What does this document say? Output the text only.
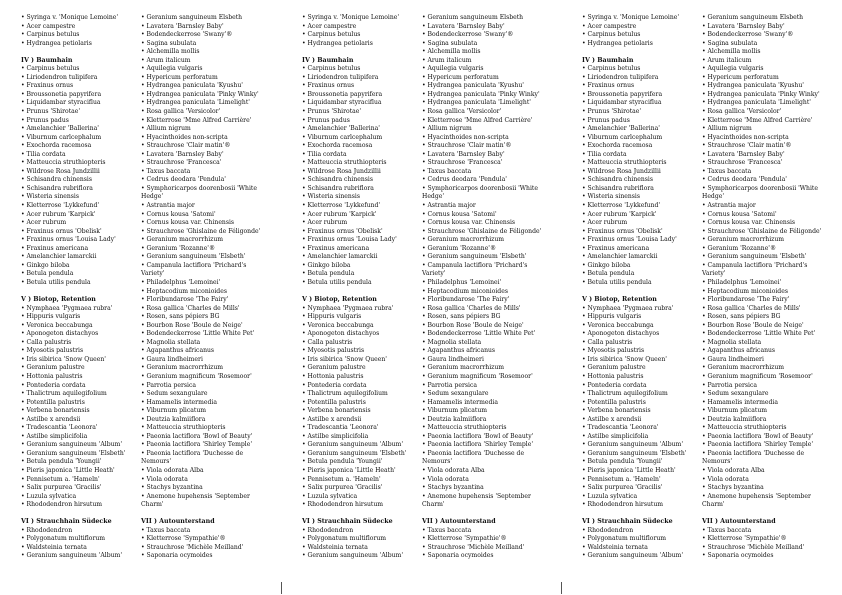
• Syringa v. 'Monique Lemoine'
• Acer campestre
• Carpinus betulus
• Hydrangea petiolaris
IV ) Baumhain
• Carpinus betulus
• Liriodendron tulipifera
• Fraxinus ornus
• Broussonetia papyrifera
• Liquidambar styraciflua
• Prunus 'Shirotae'
• Prunus padus
• Amelanchier 'Ballerina'
• Viburnum carlcephalum
• Exochorda racemosa
• Tilia cordata
• Matteuccia struthiopteris
• Wildrose Rosa Jundzillii
• Schisandra chinensis
• Schisandra rubriflora
• Wisteria sinensis
• Kletterrose 'Lykkefund'
• Acer rubrum 'Karpick'
• Acer rubrum
• Fraxinus ornus 'Obelisk'
• Fraxinus ornus 'Louisa Lady'
• Fraxinus americana
• Amelanchier lamarckii
• Ginkgo biloba
• Betula pendula
• Betula utilis pendula
V ) Biotop, Retention
• Nymphaea 'Pygmaea rubra'
• Hippuris vulgaris
• Veronica beccabunga
• Aponogeton distachyos
• Calla palustris
• Myosotis palustris
• Iris sibirica 'Snow Queen'
• Geranium palustre
• Hottonia palustris
• Pontederia cordata
• Thalictrum aquilegifolium
• Potentilla palustris
• Verbena bonariensis
• Astilbe x arendsii
• Tradescantia 'Leonora'
• Astilbe simplicifolia
• Geranium sanguineum 'Album'
• Geranium sanguineum 'Elsbeth'
• Betula pendula 'Youngii'
• Pieris japonica 'Little Heath'
• Pennisetum a. 'Hameln'
• Salix purpurea 'Gracilis'
• Luzula sylvatica
• Rhododendron hirsutum
VI ) Strauchhain Südecke
• Rhododendron
• Polygonatum multiflorum
• Waldsteinia ternata
• Geranium sanguineum 'Album'
• Geranium sanguineum Elsbeth
• Lavatera 'Barnsley Baby'
• Bodendeckerrose 'Swany'®
• Sagina subulata
• Alchemilla mollis
• Arum italicum
• Aquilegia vulgaris
• Hypericum perforatum
• Hydrangea paniculata 'Kyushu'
• Hydrangea paniculata 'Pinky Winky'
• Hydrangea paniculata 'Limelight'
• Rosa gallica 'Versicolor'
• Kletterrose 'Mme Alfred Carrière'
• Allium nigrum
• Hyacinthoides non-scripta
• Strauchrose 'Clair matin'®
• Lavatera 'Barnsley Baby'
• Strauchrose 'Francesca'
• Taxus baccata
• Cedrus deodara 'Pendula'
• Symphoricarpos doorenbosii 'White
Hedge'
• Astrantia major
• Cornus kousa 'Satomi'
• Cornus kousa var. Chinensis
• Strauchrose 'Ghislaine de Féligonde'
• Geranium macrorrhizum
• Geranium 'Rozanne'®
• Geranium sanguineum 'Elsbeth'
• Campanula lactiflora 'Prichard's
Variety'
• Philadelphus 'Lemoinei'
• Heptacodium miconioides
• Floribundarose 'The Fairy'
• Rosa gallica 'Charles de Mills'
• Rosen, sans pépiers BG
• Bourbon Rose 'Boule de Neige'
• Bodendeckerrose 'Little White Pet'
• Magnolia stellata
• Agapanthus africanus
• Gaura lindheimeri
• Geranium macrorrhizum
• Geranium magnificum 'Rosemoor'
• Parrotia persica
• Sedum sexangulare
• Hamamelis intermedia
• Viburnum plicatum
• Deutzia kalmiiflora
• Matteuccia struthiopteris
• Paeonia lactiflora 'Bowl of Beauty'
• Paeonia lactiflora 'Shirley Temple'
• Paeonia lactiflora 'Duchesse de
Nemours'
• Viola odorata Alba
• Viola odorata
• Stachys byzantina
• Anemone hupehensis 'September
Charm'
VII ) Autounterstand
• Taxus baccata
• Kletterrose 'Sympathie'®
• Strauchrose 'Michèle Meilland'
• Saponaria ocymoides
• Syringa v. 'Monique Lemoine'
• Acer campestre
• Carpinus betulus
• Hydrangea petiolaris
IV ) Baumhain
• Carpinus betulus
• Liriodendron tulipifera
• Fraxinus ornus
• Broussonetia papyrifera
• Liquidambar styraciflua
• Prunus 'Shirotae'
• Prunus padus
• Amelanchier 'Ballerina'
• Viburnum carlcephalum
• Exochorda racemosa
• Tilia cordata
• Matteuccia struthiopteris
• Wildrose Rosa Jundzillii
• Schisandra chinensis
• Schisandra rubriflora
• Wisteria sinensis
• Kletterrose 'Lykkefund'
• Acer rubrum 'Karpick'
• Acer rubrum
• Fraxinus ornus 'Obelisk'
• Fraxinus ornus 'Louisa Lady'
• Fraxinus americana
• Amelanchier lamarckii
• Ginkgo biloba
• Betula pendula
• Betula utilis pendula
V ) Biotop, Retention
• Nymphaea 'Pygmaea rubra'
• Hippuris vulgaris
• Veronica beccabunga
• Aponogeton distachyos
• Calla palustris
• Myosotis palustris
• Iris sibirica 'Snow Queen'
• Geranium palustre
• Hottonia palustris
• Pontederia cordata
• Thalictrum aquilegifolium
• Potentilla palustris
• Verbena bonariensis
• Astilbe x arendsii
• Tradescantia 'Leonora'
• Astilbe simplicifolia
• Geranium sanguineum 'Album'
• Geranium sanguineum 'Elsbeth'
• Betula pendula 'Youngii'
• Pieris japonica 'Little Heath'
• Pennisetum a. 'Hameln'
• Salix purpurea 'Gracilis'
• Luzula sylvatica
• Rhododendron hirsutum
VI ) Strauchhain Südecke
• Rhododendron
• Polygonatum multiflorum
• Waldsteinia ternata
• Geranium sanguineum 'Album'
• Geranium sanguineum Elsbeth
• Lavatera 'Barnsley Baby'
• Bodendeckerrose 'Swany'®
• Sagina subulata
• Alchemilla mollis
• Arum italicum
• Aquilegia vulgaris
• Hypericum perforatum
• Hydrangea paniculata 'Kyushu'
• Hydrangea paniculata 'Pinky Winky'
• Hydrangea paniculata 'Limelight'
• Rosa gallica 'Versicolor'
• Kletterrose 'Mme Alfred Carrière'
• Allium nigrum
• Hyacinthoides non-scripta
• Strauchrose 'Clair matin'®
• Lavatera 'Barnsley Baby'
• Strauchrose 'Francesca'
• Taxus baccata
• Cedrus deodara 'Pendula'
• Symphoricarpos doorenbosii 'White
Hedge'
• Astrantia major
• Cornus kousa 'Satomi'
• Cornus kousa var. Chinensis
• Strauchrose 'Ghislaine de Féligonde'
• Geranium macrorrhizum
• Geranium 'Rozanne'®
• Geranium sanguineum 'Elsbeth'
• Campanula lactiflora 'Prichard's
Variety'
• Philadelphus 'Lemoinei'
• Heptacodium miconioides
• Floribundarose 'The Fairy'
• Rosa gallica 'Charles de Mills'
• Rosen, sans pépiers BG
• Bourbon Rose 'Boule de Neige'
• Bodendeckerrose 'Little White Pet'
• Magnolia stellata
• Agapanthus africanus
• Gaura lindheimeri
• Geranium macrorrhizum
• Geranium magnificum 'Rosemoor'
• Parrotia persica
• Sedum sexangulare
• Hamamelis intermedia
• Viburnum plicatum
• Deutzia kalmiiflora
• Matteuccia struthiopteris
• Paeonia lactiflora 'Bowl of Beauty'
• Paeonia lactiflora 'Shirley Temple'
• Paeonia lactiflora 'Duchesse de
Nemours'
• Viola odorata Alba
• Viola odorata
• Stachys byzantina
• Anemone hupehensis 'September
Charm'
VII ) Autounterstand
• Taxus baccata
• Kletterrose 'Sympathie'®
• Strauchrose 'Michèle Meilland'
• Saponaria ocymoides
• Syringa v. 'Monique Lemoine'
• Acer campestre
• Carpinus betulus
• Hydrangea petiolaris
IV ) Baumhain
• Carpinus betulus
• Liriodendron tulipifera
• Fraxinus ornus
• Broussonetia papyrifera
• Liquidambar styraciflua
• Prunus 'Shirotae'
• Prunus padus
• Amelanchier 'Ballerina'
• Viburnum carlcephalum
• Exochorda racemosa
• Tilia cordata
• Matteuccia struthiopteris
• Wildrose Rosa Jundzillii
• Schisandra chinensis
• Schisandra rubriflora
• Wisteria sinensis
• Kletterrose 'Lykkefund'
• Acer rubrum 'Karpick'
• Acer rubrum
• Fraxinus ornus 'Obelisk'
• Fraxinus ornus 'Louisa Lady'
• Fraxinus americana
• Amelanchier lamarckii
• Ginkgo biloba
• Betula pendula
• Betula utilis pendula
V ) Biotop, Retention
• Nymphaea 'Pygmaea rubra'
• Hippuris vulgaris
• Veronica beccabunga
• Aponogeton distachyos
• Calla palustris
• Myosotis palustris
• Iris sibirica 'Snow Queen'
• Geranium palustre
• Hottonia palustris
• Pontederia cordata
• Thalictrum aquilegifolium
• Potentilla palustris
• Verbena bonariensis
• Astilbe x arendsii
• Tradescantia 'Leonora'
• Astilbe simplicifolia
• Geranium sanguineum 'Album'
• Geranium sanguineum 'Elsbeth'
• Betula pendula 'Youngii'
• Pieris japonica 'Little Heath'
• Pennisetum a. 'Hameln'
• Salix purpurea 'Gracilis'
• Luzula sylvatica
• Rhododendron hirsutum
VI ) Strauchhain Südecke
• Rhododendron
• Polygonatum multiflorum
• Waldsteinia ternata
• Geranium sanguineum 'Album'
• Geranium sanguineum Elsbeth
• Lavatera 'Barnsley Baby'
• Bodendeckerrose 'Swany'®
• Sagina subulata
• Alchemilla mollis
• Arum italicum
• Aquilegia vulgaris
• Hypericum perforatum
• Hydrangea paniculata 'Kyushu'
• Hydrangea paniculata 'Pinky Winky'
• Hydrangea paniculata 'Limelight'
• Rosa gallica 'Versicolor'
• Kletterrose 'Mme Alfred Carrière'
• Allium nigrum
• Hyacinthoides non-scripta
• Strauchrose 'Clair matin'®
• Lavatera 'Barnsley Baby'
• Strauchrose 'Francesca'
• Taxus baccata
• Cedrus deodara 'Pendula'
• Symphoricarpos doorenbosii 'White
Hedge'
• Astrantia major
• Cornus kousa 'Satomi'
• Cornus kousa var. Chinensis
• Strauchrose 'Ghislaine de Féligonde'
• Geranium macrorrhizum
• Geranium 'Rozanne'®
• Geranium sanguineum 'Elsbeth'
• Campanula lactiflora 'Prichard's
Variety'
• Philadelphus 'Lemoinei'
• Heptacodium miconioides
• Floribundarose 'The Fairy'
• Rosa gallica 'Charles de Mills'
• Rosen, sans pépiers BG
• Bourbon Rose 'Boule de Neige'
• Bodendeckerrose 'Little White Pet'
• Magnolia stellata
• Agapanthus africanus
• Gaura lindheimeri
• Geranium macrorrhizum
• Geranium magnificum 'Rosemoor'
• Parrotia persica
• Sedum sexangulare
• Hamamelis intermedia
• Viburnum plicatum
• Deutzia kalmiiflora
• Matteuccia struthiopteris
• Paeonia lactiflora 'Bowl of Beauty'
• Paeonia lactiflora 'Shirley Temple'
• Paeonia lactiflora 'Duchesse de
Nemours'
• Viola odorata Alba
• Viola odorata
• Stachys byzantina
• Anemone hupehensis 'September
Charm'
VII ) Autounterstand
• Taxus baccata
• Kletterrose 'Sympathie'®
• Strauchrose 'Michèle Meilland'
• Saponaria ocymoides
